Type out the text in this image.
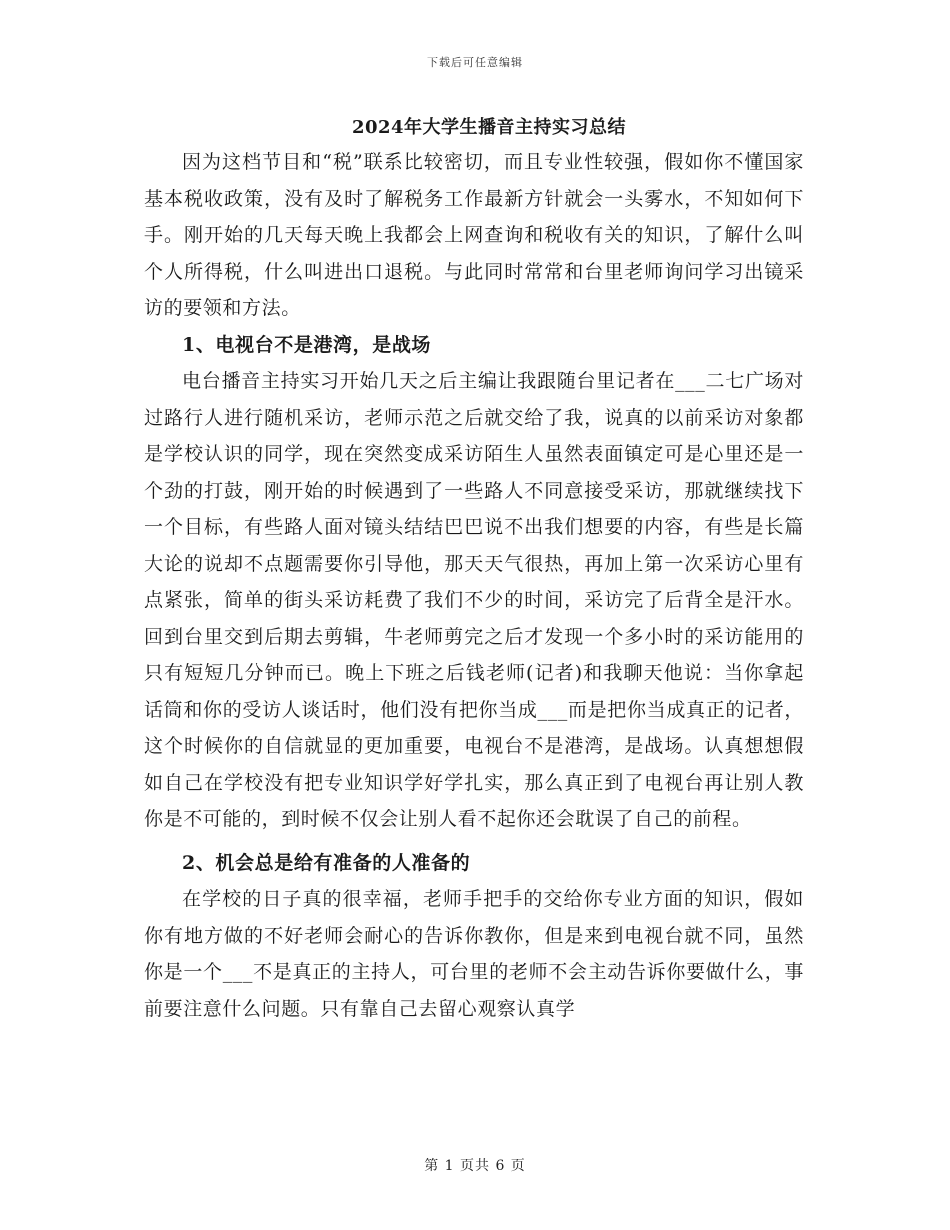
下载后可任意编辑
2024年大学生播音主持实习总结

因为这档节目和“税”联系比较密切，而且专业性较强，假如你不懂国家基本税收政策，没有及时了解税务工作最新方针就会一头雾水，不知如何下手。刚开始的几天每天晚上我都会上网查询和税收有关的知识，了解什么叫个人所得税，什么叫进出口退税。与此同时常常和台里老师询问学习出镜采访的要领和方法。

1、电视台不是港湾，是战场

电台播音主持实习开始几天之后主编让我跟随台里记者在___二七广场对过路行人进行随机采访，老师示范之后就交给了我，说真的以前采访对象都是学校认识的同学，现在突然变成采访陌生人虽然表面镇定可是心里还是一个劲的打鼓，刚开始的时候遇到了一些路人不同意接受采访，那就继续找下一个目标，有些路人面对镜头结结巴巴说不出我们想要的内容，有些是长篇大论的说却不点题需要你引导他，那天天气很热，再加上第一次采访心里有点紧张，简单的街头采访耗费了我们不少的时间，采访完了后背全是汗水。回到台里交到后期去剪辑，牛老师剪完之后才发现一个多小时的采访能用的只有短短几分钟而已。晚上下班之后钱老师(记者)和我聊天他说：当你拿起话筒和你的受访人谈话时，他们没有把你当成___而是把你当成真正的记者，这个时候你的自信就显的更加重要，电视台不是港湾，是战场。认真想想假如自己在学校没有把专业知识学好学扎实，那么真正到了电视台再让别人教你是不可能的，到时候不仅会让别人看不起你还会耽误了自己的前程。

2、机会总是给有准备的人准备的

在学校的日子真的很幸福，老师手把手的交给你专业方面的知识，假如你有地方做的不好老师会耐心的告诉你教你，但是来到电视台就不同，虽然你是一个___不是真正的主持人，可台里的老师不会主动告诉你要做什么，事前要注意什么问题。只有靠自己去留心观察认真学

第 1 页共 6 页
